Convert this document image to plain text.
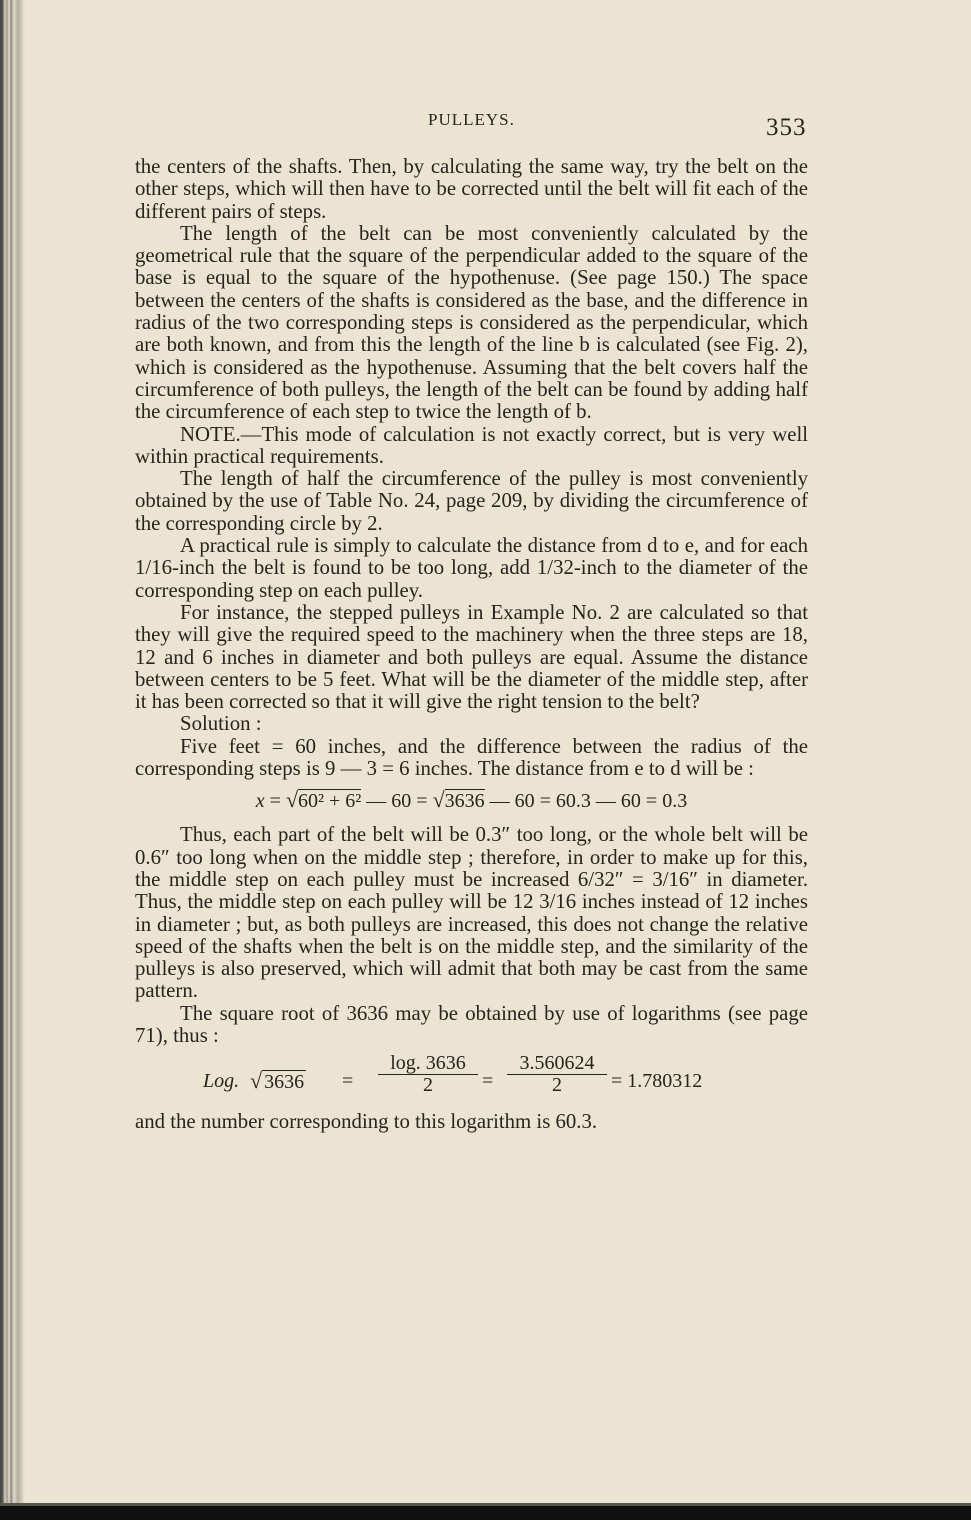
PULLEYS.	353

the centers of the shafts. Then, by calculating the same way, try the belt on the other steps, which will then have to be corrected until the belt will fit each of the different pairs of steps.

The length of the belt can be most conveniently calculated by the geometrical rule that the square of the perpendicular added to the square of the base is equal to the square of the hypothenuse. (See page 150.) The space between the centers of the shafts is considered as the base, and the difference in radius of the two corresponding steps is considered as the perpendicular, which are both known, and from this the length of the line b is calculated (see Fig. 2), which is considered as the hypothenuse. Assuming that the belt covers half the circumference of both pulleys, the length of the belt can be found by adding half the circumference of each step to twice the length of b.

NOTE.—This mode of calculation is not exactly correct, but is very well within practical requirements.

The length of half the circumference of the pulley is most conveniently obtained by the use of Table No. 24, page 209, by dividing the circumference of the corresponding circle by 2.

A practical rule is simply to calculate the distance from d to e, and for each 1/16-inch the belt is found to be too long, add 1/32-inch to the diameter of the corresponding step on each pulley.

For instance, the stepped pulleys in Example No. 2 are calculated so that they will give the required speed to the machinery when the three steps are 18, 12 and 6 inches in diameter and both pulleys are equal. Assume the distance between centers to be 5 feet. What will be the diameter of the middle step, after it has been corrected so that it will give the right tension to the belt?

Solution :

Five feet = 60 inches, and the difference between the radius of the corresponding steps is 9 — 3 = 6 inches. The distance from e to d will be :

x = √60² + 6² — 60 = √3636 — 60 = 60.3 — 60 = 0.3

Thus, each part of the belt will be 0.3″ too long, or the whole belt will be 0.6″ too long when on the middle step ; therefore, in order to make up for this, the middle step on each pulley must be increased 6/32″ = 3/16″ in diameter. Thus, the middle step on each pulley will be 12 3/16 inches instead of 12 inches in diameter ; but, as both pulleys are increased, this does not change the relative speed of the shafts when the belt is on the middle step, and the similarity of the pulleys is also preserved, which will admit that both may be cast from the same pattern.

The square root of 3636 may be obtained by use of logarithms (see page 71), thus :

Log. √ $3636 = \frac{\log. 3636}{2} = \frac{3.560624}{2} = 1.780312$

and the number corresponding to this logarithm is 60.3.
